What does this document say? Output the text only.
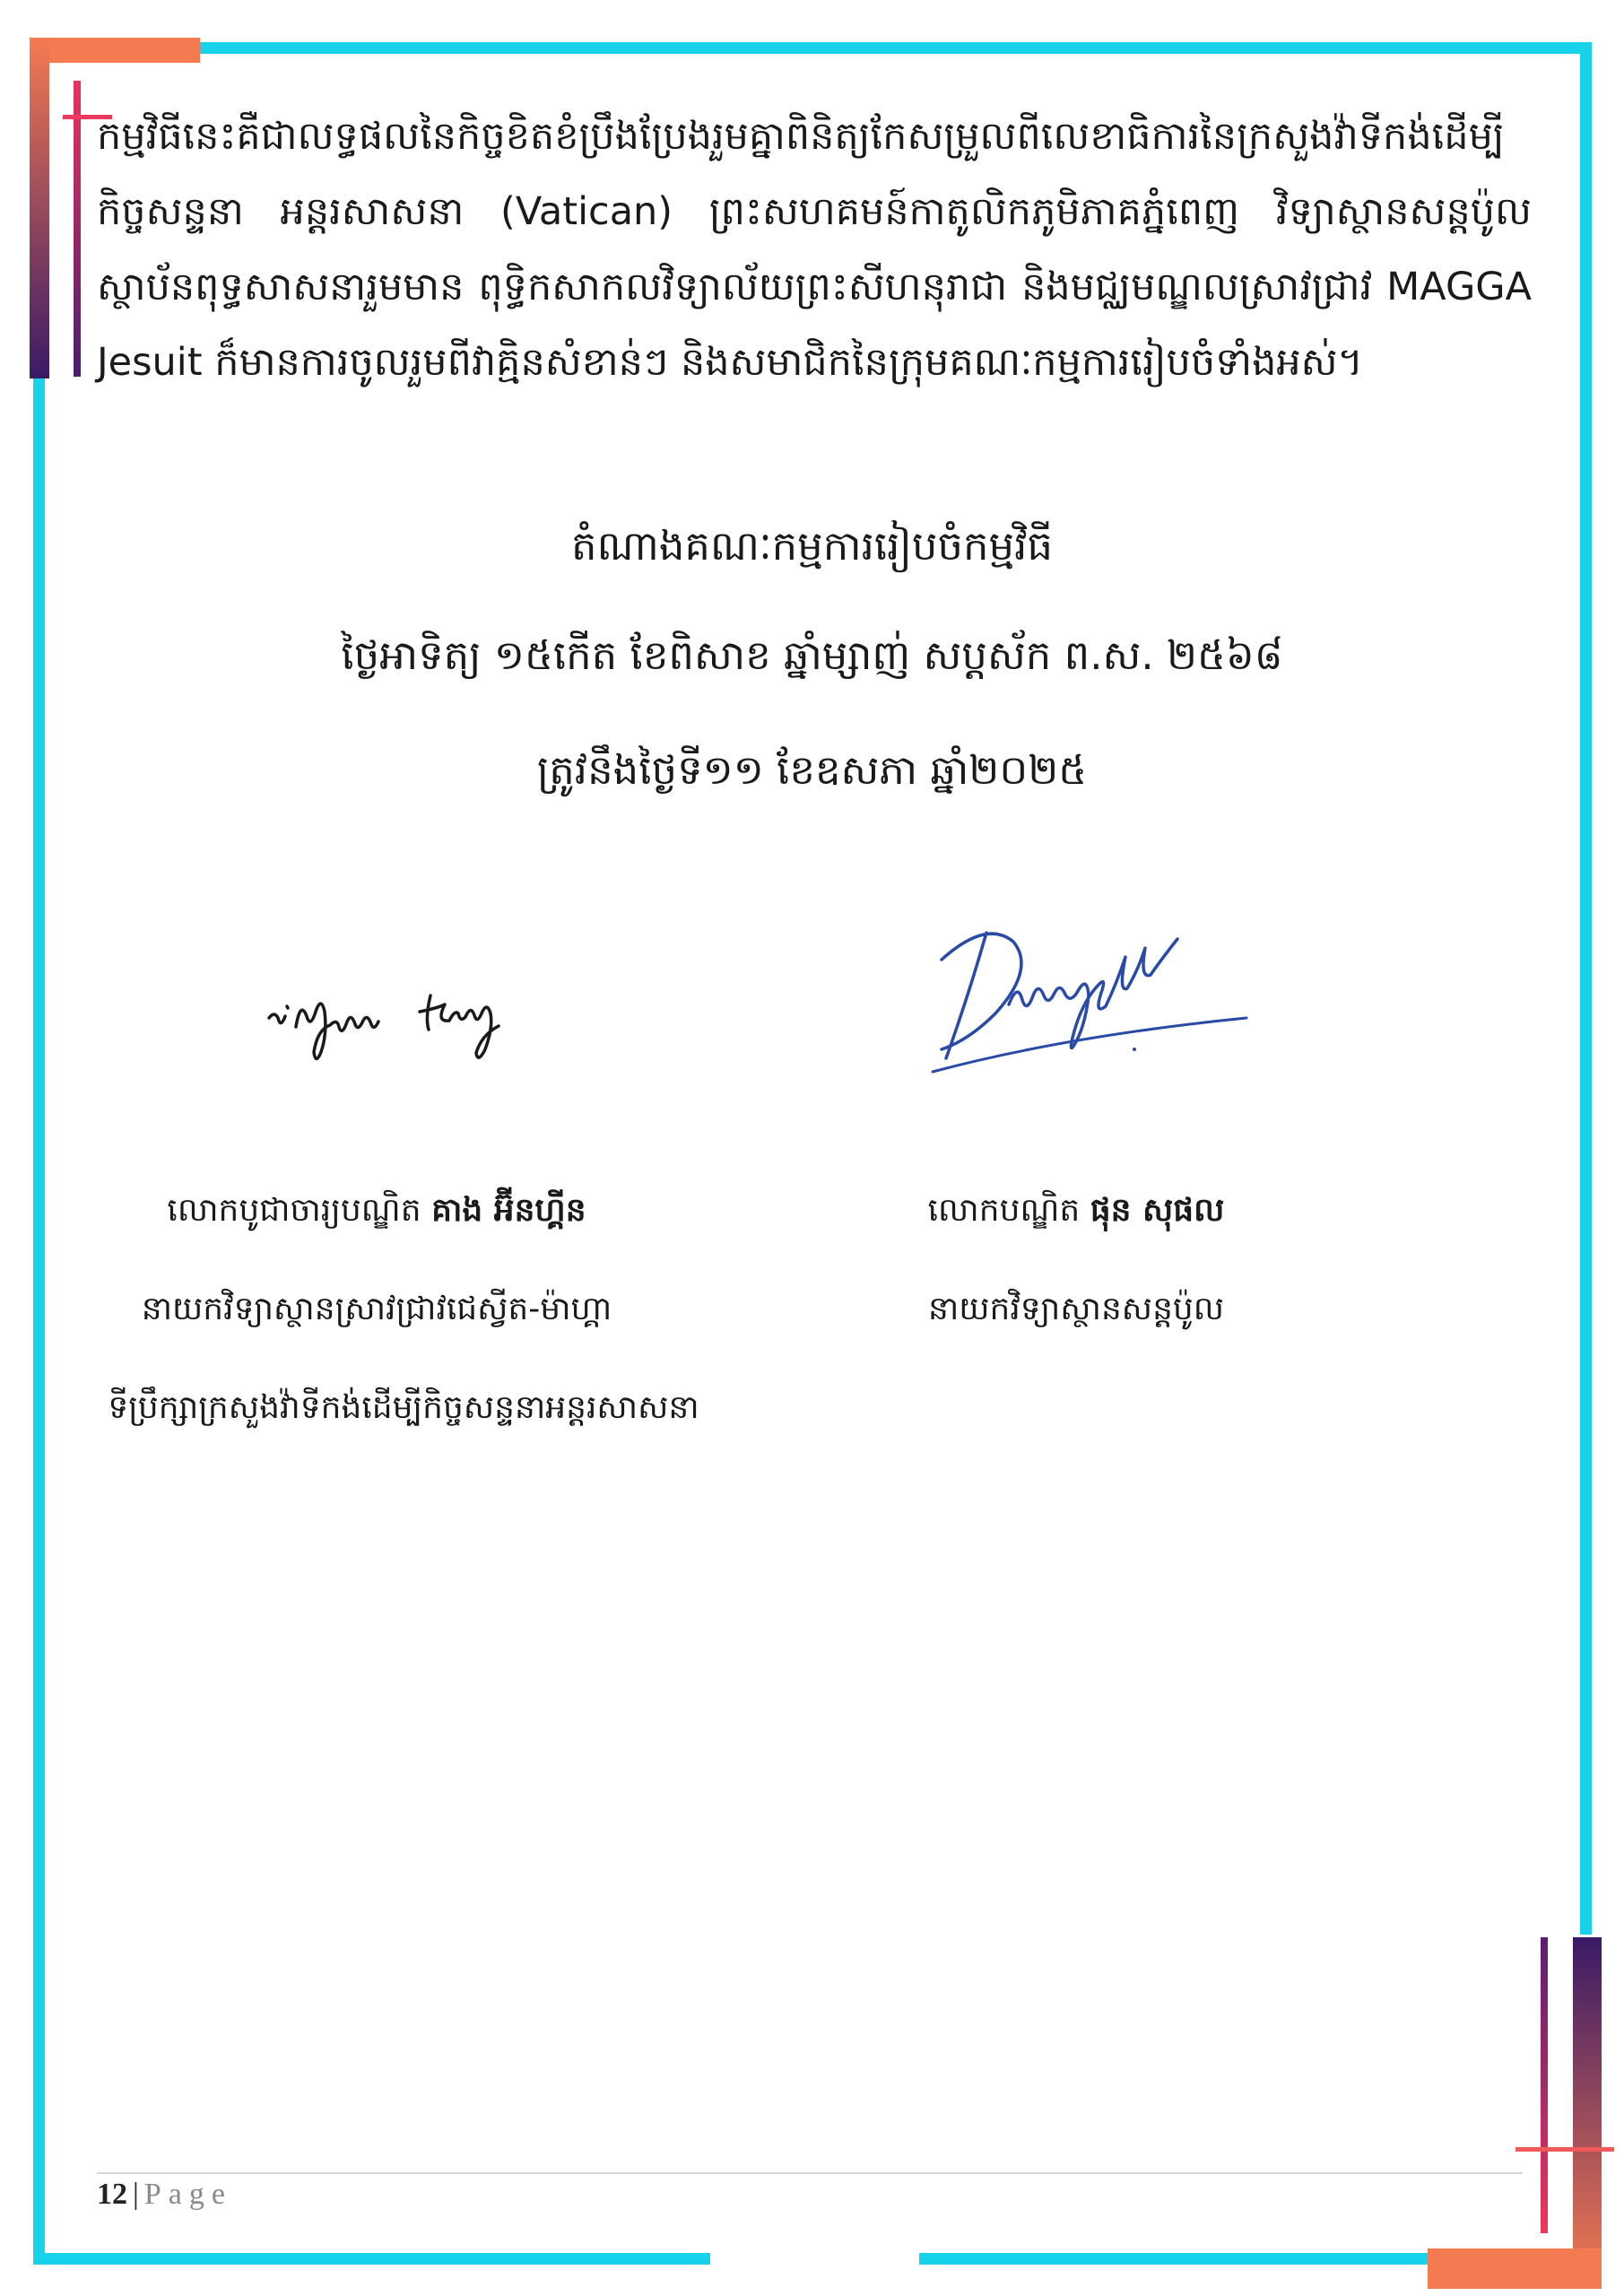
កម្មវិធីនេះគឺជាលទ្ធផលនៃកិច្ចខិតខំប្រឹងប្រែងរួមគ្នាពិនិត្យកែសម្រួលពីលេខាធិការនៃក្រសួងវ៉ាទីកង់ដើម្បីកិច្ចសន្ទនា អន្តរសាសនា (Vatican) ព្រះសហគមន៍កាតូលិកភូមិភាគភ្នំពេញ វិទ្យាស្ថានសន្តប៉ូល ស្ថាប័នពុទ្ធសាសនារួមមាន ពុទ្ធិកសាកលវិទ្យាល័យព្រះសីហនុរាជា និងមជ្ឈមណ្ឌលស្រាវជ្រាវ MAGGA Jesuit ក៏មានការចូលរួមពីវាគ្មិនសំខាន់ៗ និងសមាជិកនៃក្រុមគណៈកម្មការរៀបចំទាំងអស់។
តំណាងគណៈកម្មការរៀបចំកម្មវិធី
ថ្ងៃអាទិត្យ ១៥កើត ខែពិសាខ ឆ្នាំម្សាញ់ សប្តស័ក ព.ស. ២៥៦៨
ត្រូវនឹងថ្ងៃទី១១ ខែឧសភា ឆ្នាំ២០២៥
លោកបូជាចារ្យបណ្ឌិត គាង អ៊ីនហ្គីន
នាយកវិទ្យាស្ថានស្រាវជ្រាវជេស្វីត-ម៉ាហ្គា
ទីប្រឹក្សាក្រសួងវ៉ាទីកង់ដើម្បីកិច្ចសន្ទនាអន្តរសាសនា
លោកបណ្ឌិត ផុន សុផល
នាយកវិទ្យាស្ថានសន្តប៉ូល
12 | Page
